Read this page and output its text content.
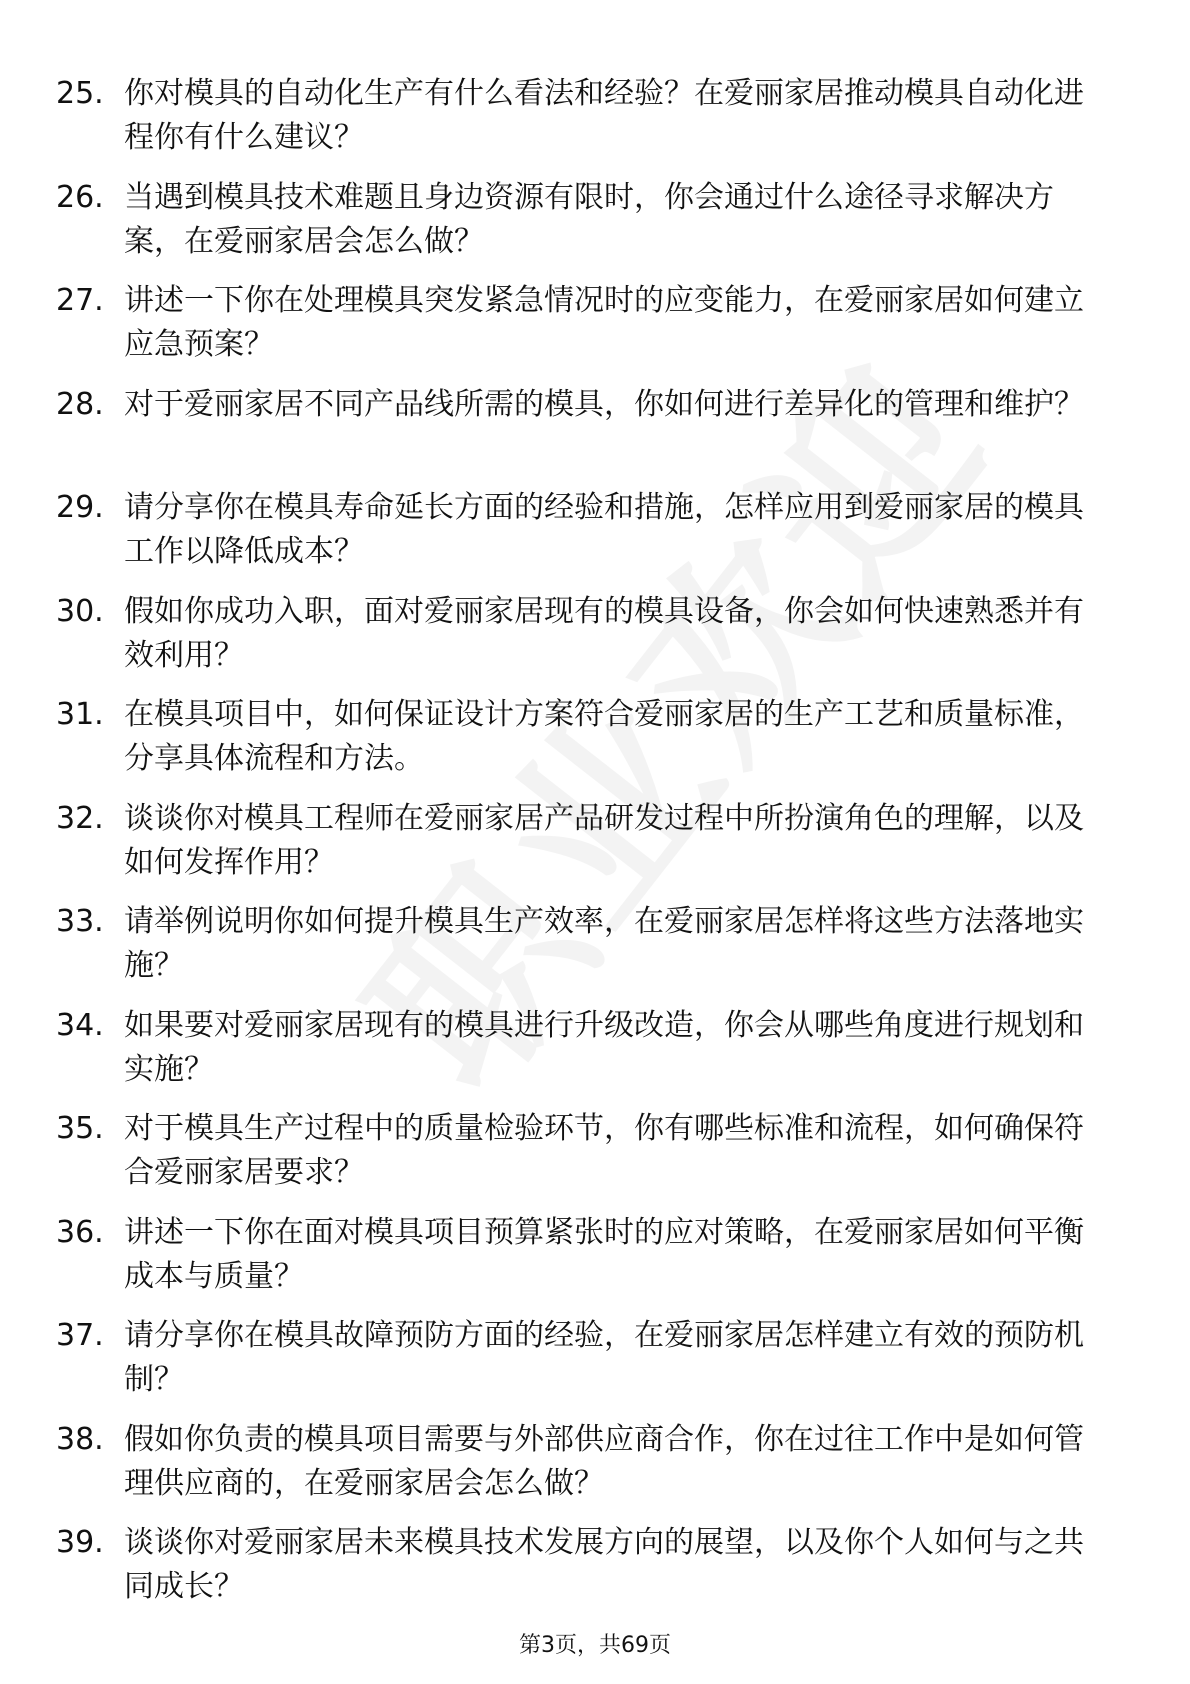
25. 你对模具的自动化生产有什么看法和经验？在爱丽家居推动模具自动化进程你有什么建议？
26. 当遇到模具技术难题且身边资源有限时，你会通过什么途径寻求解决方案，在爱丽家居会怎么做？
27. 讲述一下你在处理模具突发紧急情况时的应变能力，在爱丽家居如何建立应急预案？
28. 对于爱丽家居不同产品线所需的模具，你如何进行差异化的管理和维护？
29. 请分享你在模具寿命延长方面的经验和措施，怎样应用到爱丽家居的模具工作以降低成本？
30. 假如你成功入职，面对爱丽家居现有的模具设备，你会如何快速熟悉并有效利用？
31. 在模具项目中，如何保证设计方案符合爱丽家居的生产工艺和质量标准，分享具体流程和方法。
32. 谈谈你对模具工程师在爱丽家居产品研发过程中所扮演角色的理解，以及如何发挥作用？
33. 请举例说明你如何提升模具生产效率，在爱丽家居怎样将这些方法落地实施？
34. 如果要对爱丽家居现有的模具进行升级改造，你会从哪些角度进行规划和实施？
35. 对于模具生产过程中的质量检验环节，你有哪些标准和流程，如何确保符合爱丽家居要求？
36. 讲述一下你在面对模具项目预算紧张时的应对策略，在爱丽家居如何平衡成本与质量？
37. 请分享你在模具故障预防方面的经验，在爱丽家居怎样建立有效的预防机制？
38. 假如你负责的模具项目需要与外部供应商合作，你在过往工作中是如何管理供应商的，在爱丽家居会怎么做？
39. 谈谈你对爱丽家居未来模具技术发展方向的展望，以及你个人如何与之共同成长？
第3页，共69页
